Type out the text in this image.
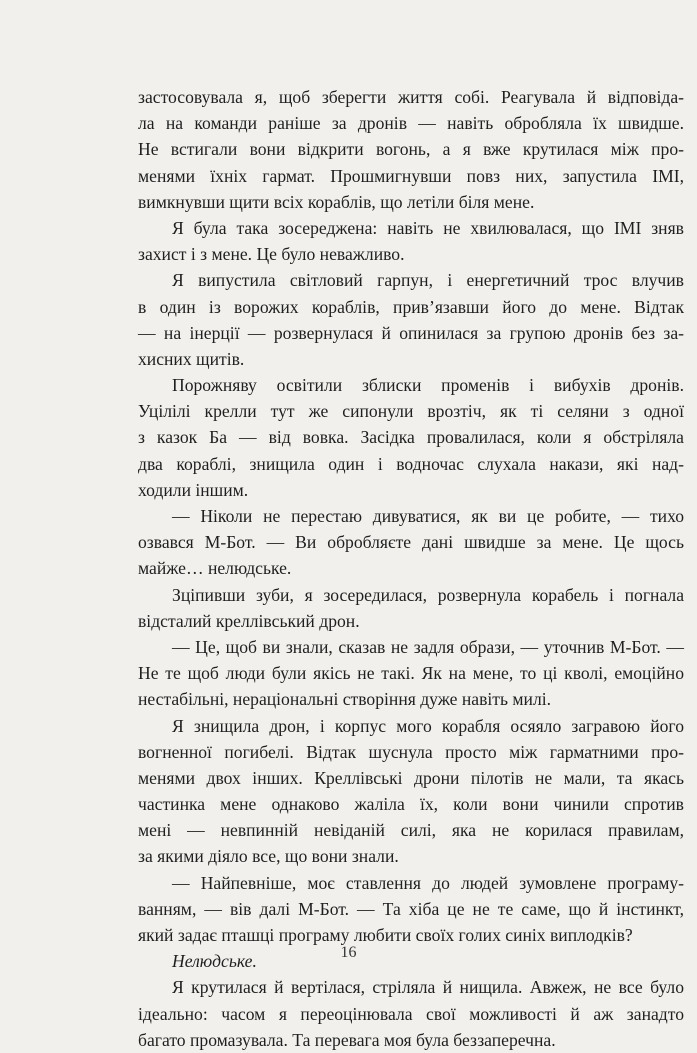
застосовувала я, щоб зберегти життя собі. Реагувала й відповіда-
ла на команди раніше за дронів — навіть обробляла їх швидше.
Не встигали вони відкрити вогонь, а я вже крутилася між про-
менями їхніх гармат. Прошмигнувши повз них, запустила ІМІ,
вимкнувши щити всіх кораблів, що летіли біля мене.
Я була така зосереджена: навіть не хвилювалася, що ІМІ зняв
захист і з мене. Це було неважливо.
Я випустила світловий гарпун, і енергетичний трос влучив
в один із ворожих кораблів, прив’язавши його до мене. Відтак
— на інерції — розвернулася й опинилася за групою дронів без за-
хисних щитів.
Порожняву освітили зблиски променів і вибухів дронів.
Уцілілі крелли тут же сипонули врозтіч, як ті селяни з одної
з казок Ба — від вовка. Засідка провалилася, коли я обстріляла
два кораблі, знищила один і водночас слухала накази, які над-
ходили іншим.
— Ніколи не перестаю дивуватися, як ви це робите, — тихо
озвався М-Бот. — Ви обробляєте дані швидше за мене. Це щось
майже… нелюдське.
Зціпивши зуби, я зосередилася, розвернула корабель і погнала
відсталий креллівський дрон.
— Це, щоб ви знали, сказав не задля образи, — уточнив М-Бот. —
Не те щоб люди були якісь не такі. Як на мене, то ці кволі, емоційно
нестабільні, нераціональні створіння дуже навіть милі.
Я знищила дрон, і корпус мого корабля осяяло загравою його
вогненної погибелі. Відтак шуснула просто між гарматними про-
менями двох інших. Креллівські дрони пілотів не мали, та якась
частинка мене однаково жаліла їх, коли вони чинили спротив
мені — невпинній невіданій силі, яка не корилася правилам,
за якими діяло все, що вони знали.
— Найпевніше, моє ставлення до людей зумовлене програму-
ванням, — вів далі М-Бот. — Та хіба це не те саме, що й інстинкт,
який задає пташці програму любити своїх голих синіх виплодків?
Нелюдське.
Я крутилася й вертілася, стріляла й нищила. Авжеж, не все було
ідеально: часом я переоцінювала свої можливості й аж занадто
багато промазувала. Та перевага моя була беззаперечна.
16
